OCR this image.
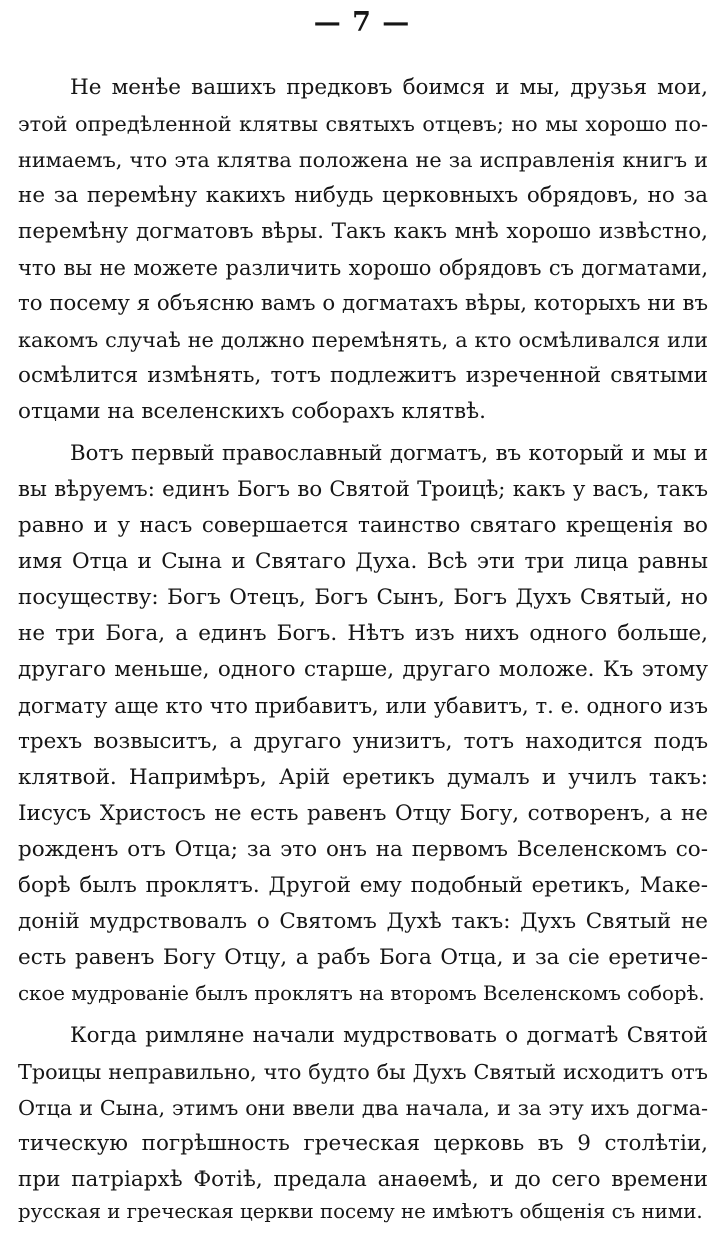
— 7 —
Не менѣе вашихъ предковъ боимся и мы, друзья мои,
этой опредѣленной клятвы святыхъ отцевъ; но мы хорошо по-
нимаемъ, что эта клятва положена не за исправленія книгъ и
не за перемѣну какихъ нибудь церковныхъ обрядовъ, но за
перемѣну догматовъ вѣры. Такъ какъ мнѣ хорошо извѣстно,
что вы не можете различить хорошо обрядовъ съ догматами,
то посему я объясню вамъ о догматахъ вѣры, которыхъ ни въ
какомъ случаѣ не должно перемѣнять, а кто осмѣливался или
осмѣлится измѣнять, тотъ подлежитъ изреченной святыми
отцами на вселенскихъ соборахъ клятвѣ.
Вотъ первый православный догматъ, въ который и мы и
вы вѣруемъ: единъ Богъ во Святой Троицѣ; какъ у васъ, такъ
равно и у насъ совершается таинство святаго крещенія во
имя Отца и Сына и Святаго Духа. Всѣ эти три лица равны
посуществу: Богъ Отецъ, Богъ Сынъ, Богъ Духъ Святый, но
не три Бога, а единъ Богъ. Нѣтъ изъ нихъ одного больше,
другаго меньше, одного старше, другаго моложе. Къ этому
догмату аще кто что прибавитъ, или убавитъ, т. е. одного изъ
трехъ возвыситъ, а другаго унизитъ, тотъ находится подъ
клятвой. Напримѣръ, Арій еретикъ думалъ и училъ такъ:
Іисусъ Христосъ не есть равенъ Отцу Богу, сотворенъ, а не
рожденъ отъ Отца; за это онъ на первомъ Вселенскомъ со-
борѣ былъ проклятъ. Другой ему подобный еретикъ, Маке-
доній мудрствовалъ о Святомъ Духѣ такъ: Духъ Святый не
есть равенъ Богу Отцу, а рабъ Бога Отца, и за сіе еретиче-
ское мудрованіе былъ проклятъ на второмъ Вселенскомъ соборѣ.
Когда римляне начали мудрствовать о догматѣ Святой
Троицы неправильно, что будто бы Духъ Святый исходитъ отъ
Отца и Сына, этимъ они ввели два начала, и за эту ихъ догма-
тическую погрѣшность греческая церковь въ 9 столѣтіи,
при патріархѣ Фотіѣ, предала анаѳемѣ, и до сего времени
русская и греческая церкви посему не имѣютъ общенія съ ними.
